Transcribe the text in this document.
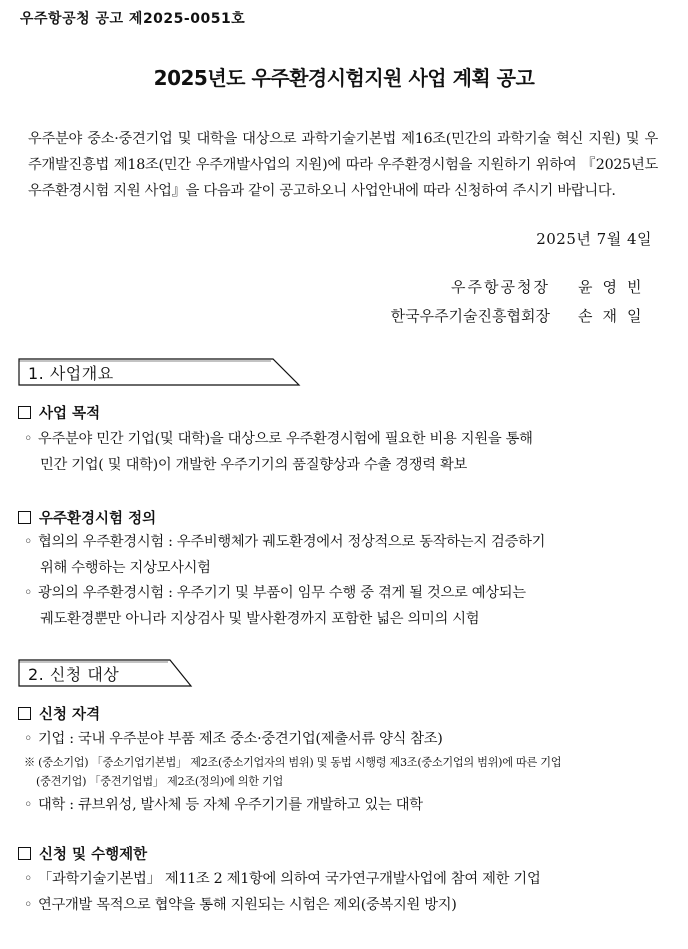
우주항공청 공고 제2025-0051호
2025년도 우주환경시험지원 사업 계획 공고
우주분야 중소·중견기업 및 대학을 대상으로 과학기술기본법 제16조(민간의 과학기술 혁신 지원) 및 우주개발진흥법 제18조(민간 우주개발사업의 지원)에 따라 우주환경시험을 지원하기 위하여 『2025년도 우주환경시험 지원 사업』을 다음과 같이 공고하오니 사업안내에 따라 신청하여 주시기 바랍니다.
2025년 7월 4일
우주항공청장 윤영빈
한국우주기술진흥협회장 손재일
1. 사업개요
사업 목적
◦ 우주분야 민간 기업(및 대학)을 대상으로 우주환경시험에 필요한 비용 지원을 통해
민간 기업( 및 대학)이 개발한 우주기기의 품질향상과 수출 경쟁력 확보
우주환경시험 정의
◦ 협의의 우주환경시험 : 우주비행체가 궤도환경에서 정상적으로 동작하는지 검증하기
위해 수행하는 지상모사시험
◦ 광의의 우주환경시험 : 우주기기 및 부품이 임무 수행 중 겪게 될 것으로 예상되는
궤도환경뿐만 아니라 지상검사 및 발사환경까지 포함한 넓은 의미의 시험
2. 신청 대상
신청 자격
◦ 기업 : 국내 우주분야 부품 제조 중소·중견기업(제출서류 양식 참조)
※ (중소기업) 「중소기업기본법」 제2조(중소기업자의 범위) 및 동법 시행령 제3조(중소기업의 범위)에 따른 기업
(중견기업) 「중견기업법」 제2조(정의)에 의한 기업
◦ 대학 : 큐브위성, 발사체 등 자체 우주기기를 개발하고 있는 대학
신청 및 수행제한
◦ 「과학기술기본법」 제11조 2 제1항에 의하여 국가연구개발사업에 참여 제한 기업
◦ 연구개발 목적으로 협약을 통해 지원되는 시험은 제외(중복지원 방지)
